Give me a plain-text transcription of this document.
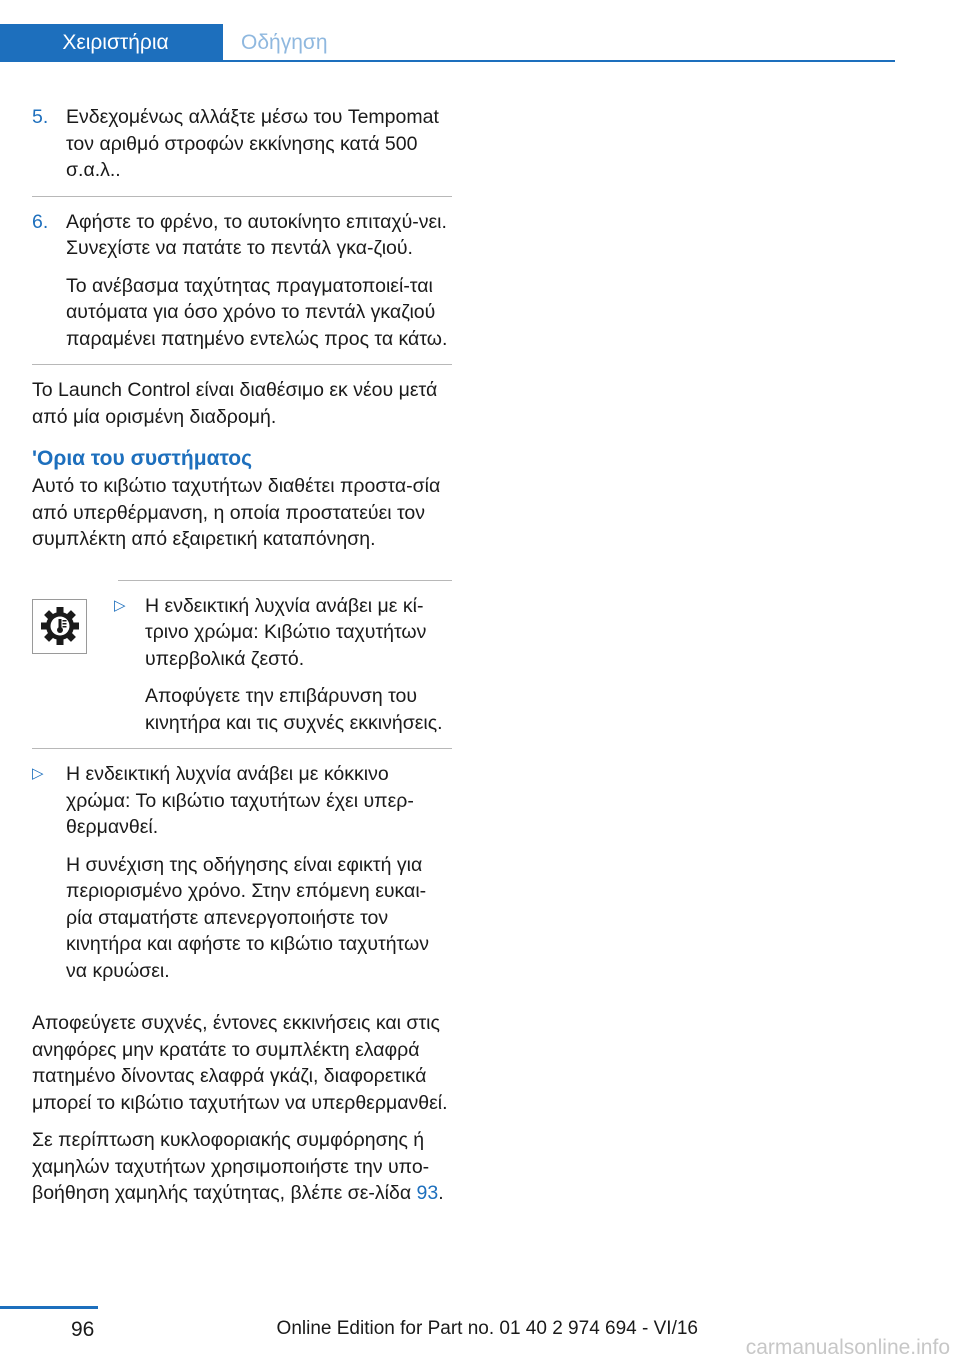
Χειριστήρια	Οδήγηση
5. Ενδεχομένως αλλάξτε μέσω του Tempomat τον αριθμό στροφών εκκίνησης κατά 500 σ.α.λ..

6. Αφήστε το φρένο, το αυτοκίνητο επιταχύ-νει. Συνεχίστε να πατάτε το πεντάλ γκα-ζιού.

Το ανέβασμα ταχύτητας πραγματοποιεί-ται αυτόματα για όσο χρόνο το πεντάλ γκαζιού παραμένει πατημένο εντελώς προς τα κάτω.

Το Launch Control είναι διαθέσιμο εκ νέου μετά από μία ορισμένη διαδρομή.

'Ορια του συστήματος

Αυτό το κιβώτιο ταχυτήτων διαθέτει προστα-σία από υπερθέρμανση, η οποία προστατεύει τον συμπλέκτη από εξαιρετική καταπόνηση.

▷ Η ενδεικτική λυχνία ανάβει με κί-τρινο χρώμα: Κιβώτιο ταχυτήτων υπερβολικά ζεστό.

Αποφύγετε την επιβάρυνση του κινητήρα και τις συχνές εκκινήσεις.

▷ Η ενδεικτική λυχνία ανάβει με κόκκινο χρώμα: Το κιβώτιο ταχυτήτων έχει υπερ-θερμανθεί.

Η συνέχιση της οδήγησης είναι εφικτή για περιορισμένο χρόνο. Στην επόμενη ευκαι-ρία σταματήστε απενεργοποιήστε τον κινητήρα και αφήστε το κιβώτιο ταχυτήτων να κρυώσει.

Αποφεύγετε συχνές, έντονες εκκινήσεις και στις ανηφόρες μην κρατάτε το συμπλέκτη ελαφρά πατημένο δίνοντας ελαφρά γκάζι, διαφορετικά μπορεί το κιβώτιο ταχυτήτων να υπερθερμανθεί.

Σε περίπτωση κυκλοφοριακής συμφόρησης ή χαμηλών ταχυτήτων χρησιμοποιήστε την υπο-βοήθηση χαμηλής ταχύτητας, βλέπε σε-λίδα 93.

96	Online Edition for Part no. 01 40 2 974 694 - VI/16
carmanualsonline.info
